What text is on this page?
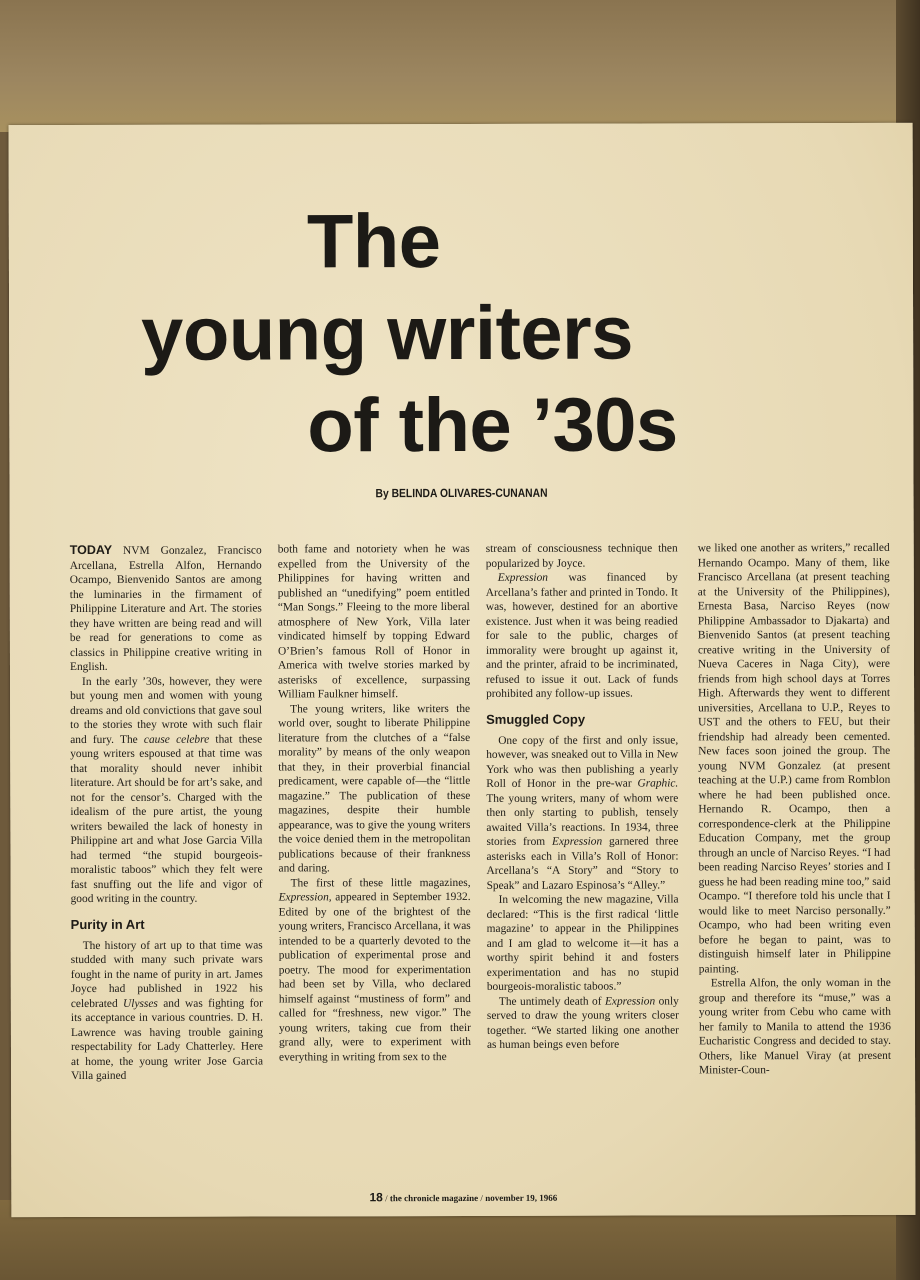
The
young writers
of the ’30s
By BELINDA OLIVARES-CUNANAN

TODAY NVM Gonzalez, Francisco Arcellana, Estrella Alfon, Hernando Ocampo, Bienvenido Santos are among the luminaries in the firmament of Philippine Literature and Art. The stories they have written are being read and will be read for generations to come as classics in Philippine creative writing in English.

In the early ’30s, however, they were but young men and women with young dreams and old convictions that gave soul to the stories they wrote with such flair and fury. The cause celebre that these young writers espoused at that time was that morality should never inhibit literature. Art should be for art’s sake, and not for the censor’s. Charged with the idealism of the pure artist, the young writers bewailed the lack of honesty in Philippine art and what Jose Garcia Villa had termed “the stupid bourgeois-moralistic taboos” which they felt were fast snuffing out the life and vigor of good writing in the country.

Purity in Art

The history of art up to that time was studded with many such private wars fought in the name of purity in art. James Joyce had published in 1922 his celebrated Ulysses and was fighting for its acceptance in various countries. D. H. Lawrence was having trouble gaining respectability for Lady Chatterley. Here at home, the young writer Jose Garcia Villa gained

both fame and notoriety when he was expelled from the University of the Philippines for having written and published an “unedifying” poem entitled “Man Songs.” Fleeing to the more liberal atmosphere of New York, Villa later vindicated himself by topping Edward O’Brien’s famous Roll of Honor in America with twelve stories marked by asterisks of excellence, surpassing William Faulkner himself.

The young writers, like writers the world over, sought to liberate Philippine literature from the clutches of a “false morality” by means of the only weapon that they, in their proverbial financial predicament, were capable of—the “little magazine.” The publication of these magazines, despite their humble appearance, was to give the young writers the voice denied them in the metropolitan publications because of their frankness and daring.

The first of these little magazines, Expression, appeared in September 1932. Edited by one of the brightest of the young writers, Francisco Arcellana, it was intended to be a quarterly devoted to the publication of experimental prose and poetry. The mood for experimentation had been set by Villa, who declared himself against “mustiness of form” and called for “freshness, new vigor.” The young writers, taking cue from their grand ally, were to experiment with everything in writing from sex to the

stream of consciousness technique then popularized by Joyce.

Expression was financed by Arcellana’s father and printed in Tondo. It was, however, destined for an abortive existence. Just when it was being readied for sale to the public, charges of immorality were brought up against it, and the printer, afraid to be incriminated, refused to issue it out. Lack of funds prohibited any follow-up issues.

Smuggled Copy

One copy of the first and only issue, however, was sneaked out to Villa in New York who was then publishing a yearly Roll of Honor in the pre-war Graphic. The young writers, many of whom were then only starting to publish, tensely awaited Villa’s reactions. In 1934, three stories from Expression garnered three asterisks each in Villa’s Roll of Honor: Arcellana’s “A Story” and “Story to Speak” and Lazaro Espinosa’s “Alley.”

In welcoming the new magazine, Villa declared: “This is the first radical ‘little magazine’ to appear in the Philippines and I am glad to welcome it—it has a worthy spirit behind it and fosters experimentation and has no stupid bourgeois-moralistic taboos.”

The untimely death of Expression only served to draw the young writers closer together. “We started liking one another as human beings even before

we liked one another as writers,” recalled Hernando Ocampo. Many of them, like Francisco Arcellana (at present teaching at the University of the Philippines), Ernesta Basa, Narciso Reyes (now Philippine Ambassador to Djakarta) and Bienvenido Santos (at present teaching creative writing in the University of Nueva Caceres in Naga City), were friends from high school days at Torres High. Afterwards they went to different universities, Arcellana to U.P., Reyes to UST and the others to FEU, but their friendship had already been cemented. New faces soon joined the group. The young NVM Gonzalez (at present teaching at the U.P.) came from Romblon where he had been published once. Hernando R. Ocampo, then a correspondence-clerk at the Philippine Education Company, met the group through an uncle of Narciso Reyes. “I had been reading Narciso Reyes’ stories and I guess he had been reading mine too,” said Ocampo. “I therefore told his uncle that I would like to meet Narciso personally.” Ocampo, who had been writing even before he began to paint, was to distinguish himself later in Philippine painting.

Estrella Alfon, the only woman in the group and therefore its “muse,” was a young writer from Cebu who came with her family to Manila to attend the 1936 Eucharistic Congress and decided to stay. Others, like Manuel Viray (at present Minister-Coun-

18 / the chronicle magazine / november 19, 1966
